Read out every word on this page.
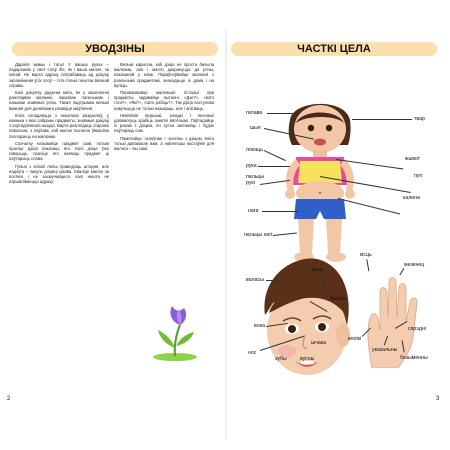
УВОДЗІНЫ

Дарагія мамы і таты! У вашых руках – падарожнік у свет слоў. Ён, як і ваша малое, за кнігай. Не варта адразу патрабаваць ад дзіцяці запамінання ўсіх слоў – гэта толькі пачатак вялікай справы.

Калі дзіцятку дадзена кніга, ён у захапленні разглядвае малюнкі, паказвае пальчыкам і называе знаёмыя рэчы. Такая падтрымка вельмі важная для далейшага развіцця маўлення.

Кніга складаецца з некалькіх раздзелаў, у кожным з якіх сабраны прадметы, знаёмыя дзіцяці з паўсядзённага жыцця. Варта разглядаць старонкі павольна, з паўзамі, каб малое паспела ўважліва паглядзець на малюнак.

Спачатку называйце прадмет самі, потым прасіце дзіця паказаць яго. Калі дзіця ўжо гаворыць, прасіце яго назваць прадмет ці паўтарыць слова.

Гульні з кнігай лепш праводзіць штодня, але нядоўга – пакуль дзіцяці цікава. Хваліце малое за поспехі і не засмучайцеся, калі нешта не атрымліваецца адразу.

Вельмі карысна, каб дзіця не проста бачыла малюнак, але і магло дакрануцца да рэчы, паказанай у кнізе. Параўноўвайце малюнкі з рэальнымі прадметамі, знаходзьце іх дома і на вуліцы.

Пераказвайце маленькія гісторыі пра прадметы, задавайце пытанні: «Дзе?», «Што гэта?», «Які?», «Што робіць?». Так дзіця паступова навучыцца не толькі называць, але і апісваць.

Невялікія вершыкі, загадкі і песенькі дапамогуць зрабіць заняткі вясёлымі. Паўтарайце іх разам з дзіцем, ён хутка запомніць і будзе паўтараць сам.

Памятайце: галоўнае – зносіны з дзіцем. Кніга толькі дапамагае вам, а найлепшы настаўнік для малога – вы самі.

2
ЧАСТКІ ЦЕЛА
3
галава
шыя
локаць
рука
пальцы рукі
твар
жывот
пуп
калена
нага
пальцы нагі
валасы
вуха
бровы
вока
нос
шчака
зубы	вусны
кісць
мезенец
сярэдні
вялікі
указальны
безыменны
